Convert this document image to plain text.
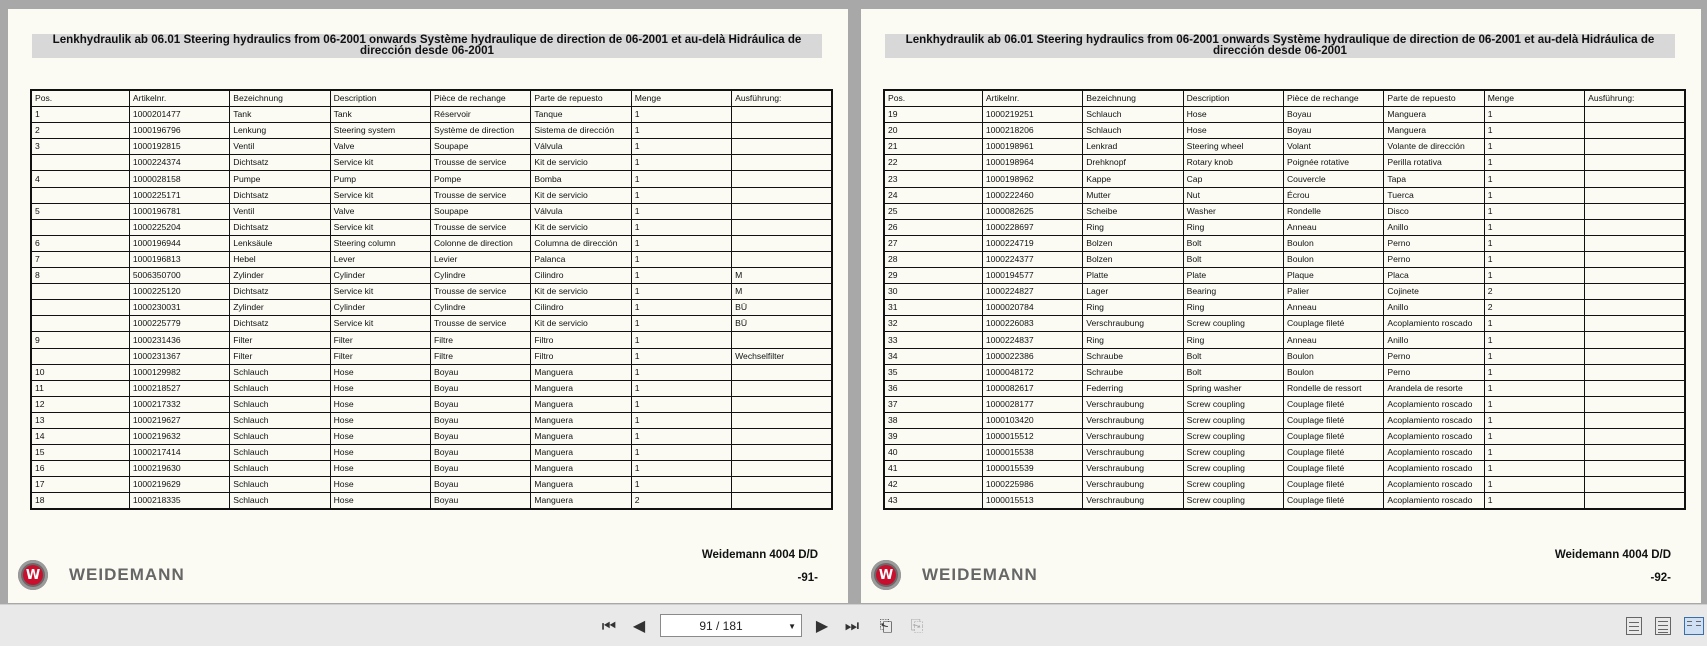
Lenkhydraulik ab 06.01 Steering hydraulics from 06-2001 onwards Système hydraulique de direction de 06-2001 et au-delà Hidráulica de dirección desde 06-2001
Pos.	Artikelnr.	Bezeichnung	Description	Pièce de rechange	Parte de repuesto	Menge	Ausführung:
1	1000201477	Tank	Tank	Réservoir	Tanque	1	
2	1000196796	Lenkung	Steering system	Système de direction	Sistema de dirección	1	
3	1000192815	Ventil	Valve	Soupape	Válvula	1	
	1000224374	Dichtsatz	Service kit	Trousse de service	Kit de servicio	1	
4	1000028158	Pumpe	Pump	Pompe	Bomba	1	
	1000225171	Dichtsatz	Service kit	Trousse de service	Kit de servicio	1	
5	1000196781	Ventil	Valve	Soupape	Válvula	1	
	1000225204	Dichtsatz	Service kit	Trousse de service	Kit de servicio	1	
6	1000196944	Lenksäule	Steering column	Colonne de direction	Columna de dirección	1	
7	1000196813	Hebel	Lever	Levier	Palanca	1	
8	5006350700	Zylinder	Cylinder	Cylindre	Cilindro	1	M
	1000225120	Dichtsatz	Service kit	Trousse de service	Kit de servicio	1	M
	1000230031	Zylinder	Cylinder	Cylindre	Cilindro	1	BÜ
	1000225779	Dichtsatz	Service kit	Trousse de service	Kit de servicio	1	BÜ
9	1000231436	Filter	Filter	Filtre	Filtro	1	
	1000231367	Filter	Filter	Filtre	Filtro	1	Wechselfilter
10	1000129982	Schlauch	Hose	Boyau	Manguera	1	
11	1000218527	Schlauch	Hose	Boyau	Manguera	1	
12	1000217332	Schlauch	Hose	Boyau	Manguera	1	
13	1000219627	Schlauch	Hose	Boyau	Manguera	1	
14	1000219632	Schlauch	Hose	Boyau	Manguera	1	
15	1000217414	Schlauch	Hose	Boyau	Manguera	1	
16	1000219630	Schlauch	Hose	Boyau	Manguera	1	
17	1000219629	Schlauch	Hose	Boyau	Manguera	1	
18	1000218335	Schlauch	Hose	Boyau	Manguera	2	
Weidemann 4004 D/D
-91-
W WEIDEMANN
Lenkhydraulik ab 06.01 Steering hydraulics from 06-2001 onwards Système hydraulique de direction de 06-2001 et au-delà Hidráulica de dirección desde 06-2001
Pos.	Artikelnr.	Bezeichnung	Description	Pièce de rechange	Parte de repuesto	Menge	Ausführung:
19	1000219251	Schlauch	Hose	Boyau	Manguera	1	
20	1000218206	Schlauch	Hose	Boyau	Manguera	1	
21	1000198961	Lenkrad	Steering wheel	Volant	Volante de dirección	1	
22	1000198964	Drehknopf	Rotary knob	Poignée rotative	Perilla rotativa	1	
23	1000198962	Kappe	Cap	Couvercle	Tapa	1	
24	1000222460	Mutter	Nut	Écrou	Tuerca	1	
25	1000082625	Scheibe	Washer	Rondelle	Disco	1	
26	1000228697	Ring	Ring	Anneau	Anillo	1	
27	1000224719	Bolzen	Bolt	Boulon	Perno	1	
28	1000224377	Bolzen	Bolt	Boulon	Perno	1	
29	1000194577	Platte	Plate	Plaque	Placa	1	
30	1000224827	Lager	Bearing	Palier	Cojinete	2	
31	1000020784	Ring	Ring	Anneau	Anillo	2	
32	1000226083	Verschraubung	Screw coupling	Couplage fileté	Acoplamiento roscado	1	
33	1000224837	Ring	Ring	Anneau	Anillo	1	
34	1000022386	Schraube	Bolt	Boulon	Perno	1	
35	1000048172	Schraube	Bolt	Boulon	Perno	1	
36	1000082617	Federring	Spring washer	Rondelle de ressort	Arandela de resorte	1	
37	1000028177	Verschraubung	Screw coupling	Couplage fileté	Acoplamiento roscado	1	
38	1000103420	Verschraubung	Screw coupling	Couplage fileté	Acoplamiento roscado	1	
39	1000015512	Verschraubung	Screw coupling	Couplage fileté	Acoplamiento roscado	1	
40	1000015538	Verschraubung	Screw coupling	Couplage fileté	Acoplamiento roscado	1	
41	1000015539	Verschraubung	Screw coupling	Couplage fileté	Acoplamiento roscado	1	
42	1000225986	Verschraubung	Screw coupling	Couplage fileté	Acoplamiento roscado	1	
43	1000015513	Verschraubung	Screw coupling	Couplage fileté	Acoplamiento roscado	1	
Weidemann 4004 D/D
-92-
W WEIDEMANN
⏮ ◀	91 / 181	▼ ▶ ⏭ ⎗ ⎘
